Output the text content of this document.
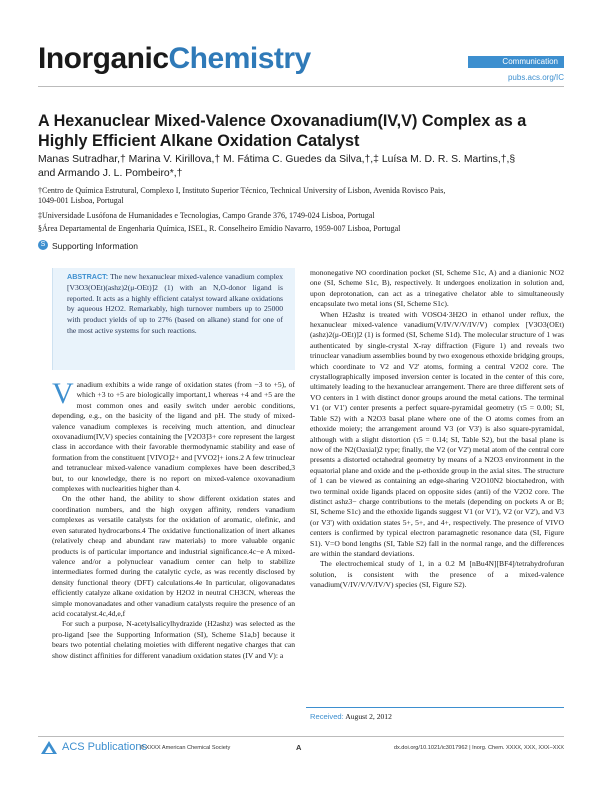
InorganicChemistry	Communication
pubs.acs.org/IC
A Hexanuclear Mixed-Valence Oxovanadium(IV,V) Complex as a Highly Efficient Alkane Oxidation Catalyst
Manas Sutradhar,† Marina V. Kirillova,† M. Fátima C. Guedes da Silva,†,‡ Luísa M. D. R. S. Martins,†,§
and Armando J. L. Pombeiro*,†
†Centro de Química Estrutural, Complexo I, Instituto Superior Técnico, Technical University of Lisbon, Avenida Rovisco Pais,
1049-001 Lisboa, Portugal
‡Universidade Lusófona de Humanidades e Tecnologias, Campo Grande 376, 1749-024 Lisboa, Portugal
§Área Departamental de Engenharia Química, ISEL, R. Conselheiro Emídio Navarro, 1959-007 Lisboa, Portugal
S Supporting Information
ABSTRACT: The new hexanuclear mixed-valence vanadium complex [V3O3(OEt)(ashz)2(μ-OEt)]2 (1) with an N,O-donor ligand is reported. It acts as a highly efficient catalyst toward alkane oxidations by aqueous H2O2. Remarkably, high turnover numbers up to 25000 with product yields of up to 27% (based on alkane) stand for one of the most active systems for such reactions.

Vanadium exhibits a wide range of oxidation states (from −3 to +5), of which +3 to +5 are biologically important,1 whereas +4 and +5 are the most common ones and easily switch under aerobic conditions, depending, e.g., on the basicity of the ligand and pH. The study of mixed-valence vanadium complexes is receiving much attention, and dinuclear oxovanadium(IV,V) species containing the [V2O3]3+ core represent the largest class in accordance with their favorable thermodynamic stability and ease of formation from the constituent [VIVO]2+ and [VVO2]+ ions.2 A few trinuclear and tetranuclear mixed-valence vanadium complexes have been described,3 but, to our knowledge, there is no report on mixed-valence oxovanadium complexes with nuclearities higher than 4.

On the other hand, the ability to show different oxidation states and coordination numbers, and the high oxygen affinity, renders vanadium complexes as versatile catalysts for the oxidation of aromatic, olefinic, and even saturated hydrocarbons.4 The oxidative functionalization of inert alkanes (relatively cheap and abundant raw materials) to more valuable organic products is of particular importance and industrial significance.4c−e A mixed-valence and/or a polynuclear vanadium center can help to stabilize intermediates formed during the catalytic cycle, as was recently disclosed by density functional theory (DFT) calculations.4e In particular, oligovanadates efficiently catalyze alkane oxidation by H2O2 in neutral CH3CN, whereas the simple monovanadates and other vanadium catalysts require the presence of an acid cocatalyst.4c,4d,e,f

For such a purpose, N-acetylsalicylhydrazide (H2ashz) was selected as the pro-ligand [see the Supporting Information (SI), Scheme S1a,b] because it bears two potential chelating moieties with different negative charges that can show distinct affinities for different vanadium oxidation states (IV and V): a

mononegative NO coordination pocket (SI, Scheme S1c, A) and a dianionic NO2 one (SI, Scheme S1c, B), respectively. It undergoes enolization in solution and, upon deprotonation, can act as a trinegative chelator able to simultaneously encapsulate two metal ions (SI, Scheme S1c).

When H2ashz is treated with VOSO4·3H2O in ethanol under reflux, the hexanuclear mixed-valence vanadium(V/IV/V/V/IV/V) complex [V3O3(OEt)(ashz)2(μ-OEt)]2 (1) is formed (SI, Scheme S1d). The molecular structure of 1 was authenticated by single-crystal X-ray diffraction (Figure 1) and reveals two trinuclear vanadium assemblies bound by two exogenous ethoxide bridging groups, which coordinate to V2 and V2' atoms, forming a central V2O2 core. The crystallographically imposed inversion center is located in the center of this core, ultimately leading to the hexanuclear arrangement. There are three different sets of VO centers in 1 with distinct donor groups around the metal cations. The terminal V1 (or V1') center presents a perfect square-pyramidal geometry (τ5 = 0.00; SI, Table S2) with a N2O3 basal plane where one of the O atoms comes from an ethoxide moiety; the arrangement around V3 (or V3') is also square-pyramidal, although with a slight distortion (τ5 = 0.14; SI, Table S2), but the basal plane is now of the N2(Oaxial)2 type; finally, the V2 (or V2') metal atom of the central core presents a distorted octahedral geometry by means of a N2O3 environment in the equatorial plane and oxide and the μ-ethoxide group in the axial sites. The structure of 1 can be viewed as containing an edge-sharing V2O10N2 bioctahedron, with two terminal oxide ligands placed on opposite sides (anti) of the V2O2 core. The distinct ashz3− charge contributions to the metals (depending on pockets A or B; SI, Scheme S1c) and the ethoxide ligands suggest V1 (or V1'), V2 (or V2'), and V3 (or V3') with oxidation states 5+, 5+, and 4+, respectively. The presence of VIVO centers is confirmed by typical electron paramagnetic resonance data (SI, Figure S1). V=O bond lengths (SI, Table S2) fall in the normal range, and the differences are within the standard deviations.

The electrochemical study of 1, in a 0.2 M [nBu4N][BF4]/tetrahydrofuran solution, is consistent with the presence of a mixed-valence vanadium(V/IV/V/V/IV/V) species (SI, Figure S2).

Received: August 2, 2012
ACS Publications
© XXXX American Chemical Society	A	dx.doi.org/10.1021/ic3017962 | Inorg. Chem. XXXX, XXX, XXX−XXX
